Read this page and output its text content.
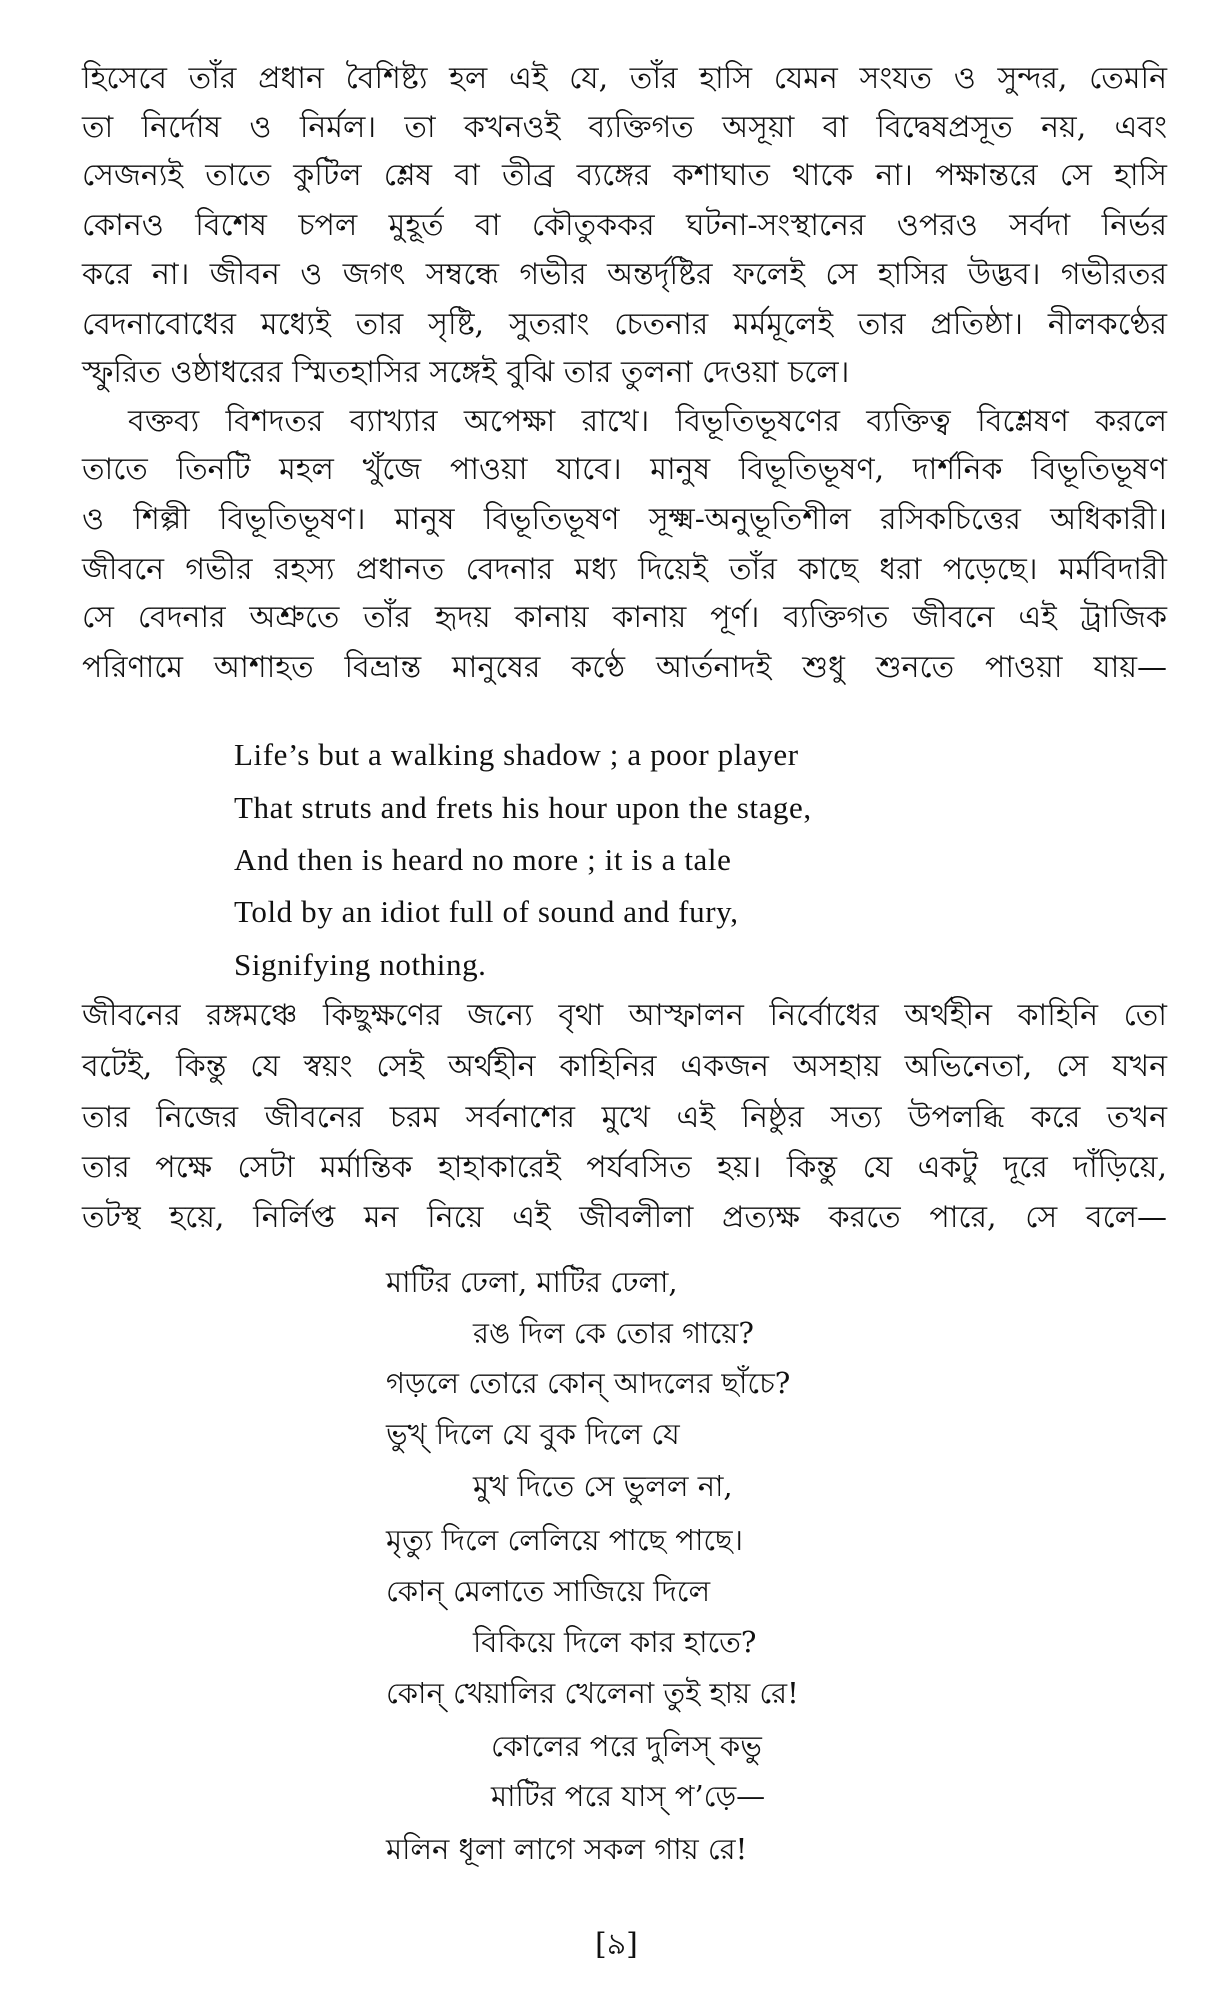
হিসেবে তাঁর প্রধান বৈশিষ্ট্য হল এই যে, তাঁর হাসি যেমন সংযত ও সুন্দর, তেমনি
তা নির্দোষ ও নির্মল। তা কখনওই ব্যক্তিগত অসূয়া বা বিদ্বেষপ্রসূত নয়, এবং
সেজন্যই তাতে কুটিল শ্লেষ বা তীব্র ব্যঙ্গের কশাঘাত থাকে না। পক্ষান্তরে সে হাসি
কোনও বিশেষ চপল মুহূর্ত বা কৌতুককর ঘটনা-সংস্থানের ওপরও সর্বদা নির্ভর
করে না। জীবন ও জগৎ সম্বন্ধে গভীর অন্তর্দৃষ্টির ফলেই সে হাসির উদ্ভব। গভীরতর
বেদনাবোধের মধ্যেই তার সৃষ্টি, সুতরাং চেতনার মর্মমূলেই তার প্রতিষ্ঠা। নীলকণ্ঠের
স্ফুরিত ওষ্ঠাধরের স্মিতহাসির সঙ্গেই বুঝি তার তুলনা দেওয়া চলে।
বক্তব্য বিশদতর ব্যাখ্যার অপেক্ষা রাখে। বিভূতিভূষণের ব্যক্তিত্ব বিশ্লেষণ করলে
তাতে তিনটি মহল খুঁজে পাওয়া যাবে। মানুষ বিভূতিভূষণ, দার্শনিক বিভূতিভূষণ
ও শিল্পী বিভূতিভূষণ। মানুষ বিভূতিভূষণ সূক্ষ্ম-অনুভূতিশীল রসিকচিত্তের অধিকারী।
জীবনে গভীর রহস্য প্রধানত বেদনার মধ্য দিয়েই তাঁর কাছে ধরা পড়েছে। মর্মবিদারী
সে বেদনার অশ্রুতে তাঁর হৃদয় কানায় কানায় পূর্ণ। ব্যক্তিগত জীবনে এই ট্রাজিক
পরিণামে আশাহত বিভ্রান্ত মানুষের কণ্ঠে আর্তনাদই শুধু শুনতে পাওয়া যায়—
Life’s but a walking shadow ; a poor player
That struts and frets his hour upon the stage,
And then is heard no more ; it is a tale
Told by an idiot full of sound and fury,
Signifying nothing.
জীবনের রঙ্গমঞ্চে কিছুক্ষণের জন্যে বৃথা আস্ফালন নির্বোধের অর্থহীন কাহিনি তো
বটেই, কিন্তু যে স্বয়ং সেই অর্থহীন কাহিনির একজন অসহায় অভিনেতা, সে যখন
তার নিজের জীবনের চরম সর্বনাশের মুখে এই নিষ্ঠুর সত্য উপলব্ধি করে তখন
তার পক্ষে সেটা মর্মান্তিক হাহাকারেই পর্যবসিত হয়। কিন্তু যে একটু দূরে দাঁড়িয়ে,
তটস্থ হয়ে, নির্লিপ্ত মন নিয়ে এই জীবলীলা প্রত্যক্ষ করতে পারে, সে বলে—
মাটির ঢেলা, মাটির ঢেলা,
রঙ দিল কে তোর গায়ে?
গড়লে তোরে কোন্ আদলের ছাঁচে?
ভুখ্ দিলে যে বুক দিলে যে
মুখ দিতে সে ভুলল না,
মৃত্যু দিলে লেলিয়ে পাছে পাছে।
কোন্ মেলাতে সাজিয়ে দিলে
বিকিয়ে দিলে কার হাতে?
কোন্ খেয়ালির খেলেনা তুই হায় রে!
কোলের পরে দুলিস্ কভু
মাটির পরে যাস্ প’ড়ে—
মলিন ধূলা লাগে সকল গায় রে!
[৯]
